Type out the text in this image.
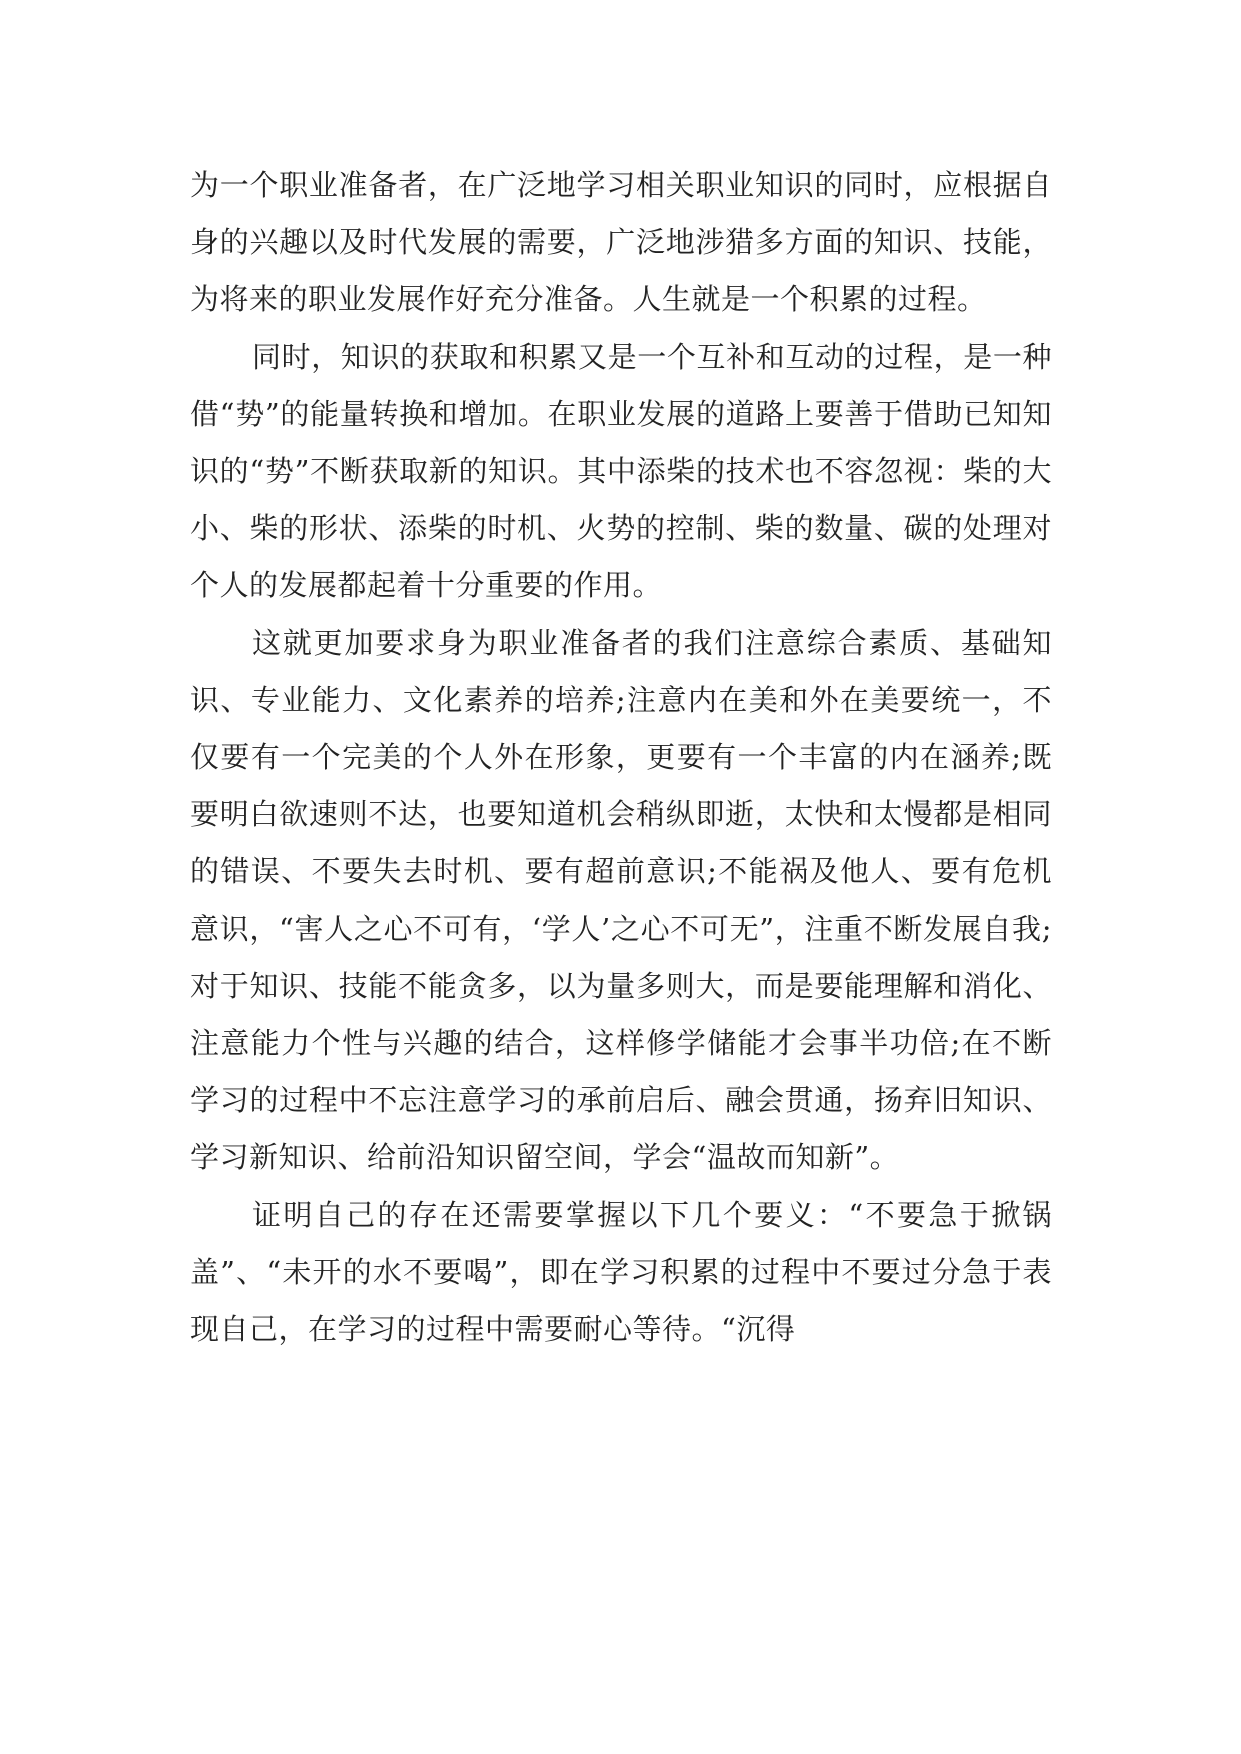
为一个职业准备者，在广泛地学习相关职业知识的同时，应根据自身的兴趣以及时代发展的需要，广泛地涉猎多方面的知识、技能，为将来的职业发展作好充分准备。人生就是一个积累的过程。

同时，知识的获取和积累又是一个互补和互动的过程，是一种借“势”的能量转换和增加。在职业发展的道路上要善于借助已知知识的“势”不断获取新的知识。其中添柴的技术也不容忽视：柴的大小、柴的形状、添柴的时机、火势的控制、柴的数量、碳的处理对个人的发展都起着十分重要的作用。

这就更加要求身为职业准备者的我们注意综合素质、基础知识、专业能力、文化素养的培养;注意内在美和外在美要统一，不仅要有一个完美的个人外在形象，更要有一个丰富的内在涵养;既要明白欲速则不达，也要知道机会稍纵即逝，太快和太慢都是相同的错误、不要失去时机、要有超前意识;不能祸及他人、要有危机意识，“害人之心不可有，‘学人’之心不可无”，注重不断发展自我;对于知识、技能不能贪多，以为量多则大，而是要能理解和消化、注意能力个性与兴趣的结合，这样修学储能才会事半功倍;在不断学习的过程中不忘注意学习的承前启后、融会贯通，扬弃旧知识、学习新知识、给前沿知识留空间，学会“温故而知新”。

证明自己的存在还需要掌握以下几个要义：“不要急于掀锅盖”、“未开的水不要喝”，即在学习积累的过程中不要过分急于表现自己，在学习的过程中需要耐心等待。“沉得
